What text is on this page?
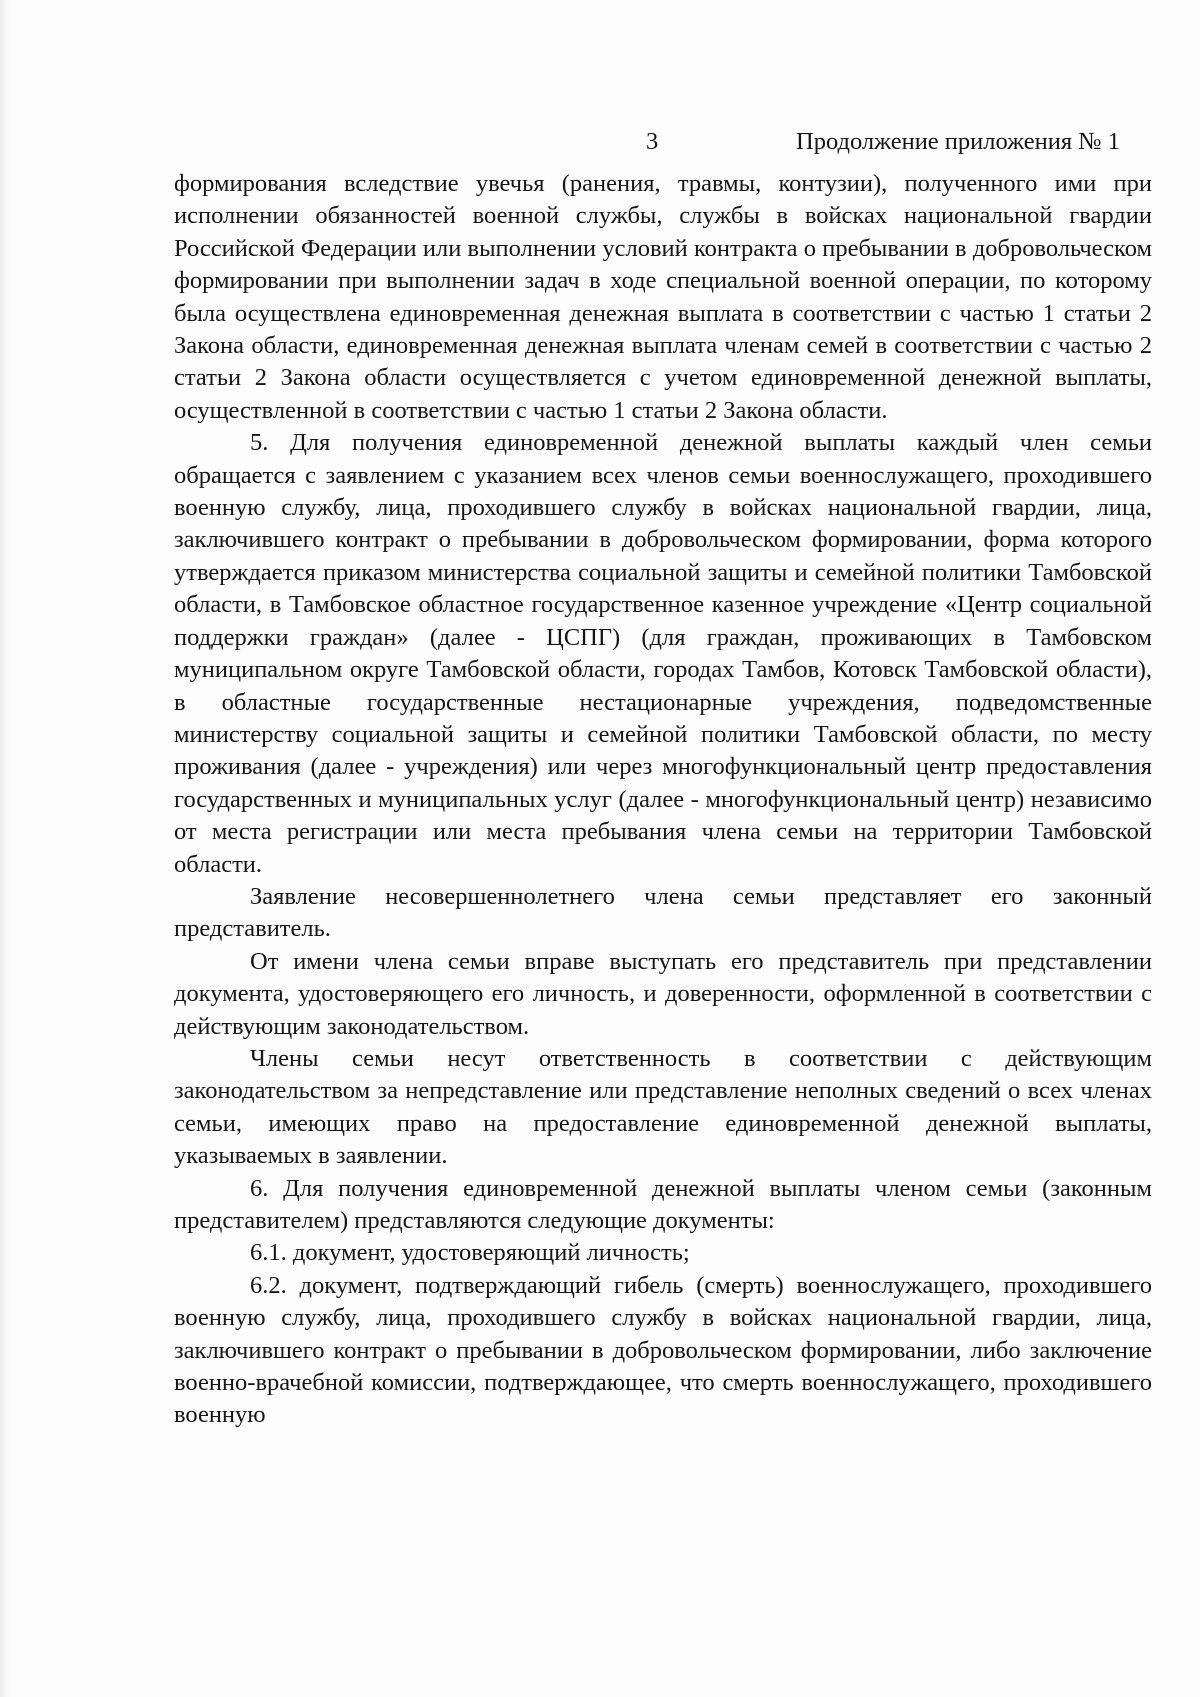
3	Продолжение приложения № 1

формирования вследствие увечья (ранения, травмы, контузии), полученного ими при исполнении обязанностей военной службы, службы в войсках национальной гвардии Российской Федерации или выполнении условий контракта о пребывании в добровольческом формировании при выполнении задач в ходе специальной военной операции, по которому была осуществлена единовременная денежная выплата в соответствии с частью 1 статьи 2 Закона области, единовременная денежная выплата членам семей в соответствии с частью 2 статьи 2 Закона области осуществляется с учетом единовременной денежной выплаты, осуществленной в соответствии с частью 1 статьи 2 Закона области.

5. Для получения единовременной денежной выплаты каждый член семьи обращается с заявлением с указанием всех членов семьи военнослужащего, проходившего военную службу, лица, проходившего службу в войсках национальной гвардии, лица, заключившего контракт о пребывании в добровольческом формировании, форма которого утверждается приказом министерства социальной защиты и семейной политики Тамбовской области, в Тамбовское областное государственное казенное учреждение «Центр социальной поддержки граждан» (далее - ЦСПГ) (для граждан, проживающих в Тамбовском муниципальном округе Тамбовской области, городах Тамбов, Котовск Тамбовской области), в областные государственные нестационарные учреждения, подведомственные министерству социальной защиты и семейной политики Тамбовской области, по месту проживания (далее - учреждения) или через многофункциональный центр предоставления государственных и муниципальных услуг (далее - многофункциональный центр) независимо от места регистрации или места пребывания члена семьи на территории Тамбовской области.

Заявление несовершеннолетнего члена семьи представляет его законный представитель.

От имени члена семьи вправе выступать его представитель при представлении документа, удостоверяющего его личность, и доверенности, оформленной в соответствии с действующим законодательством.

Члены семьи несут ответственность в соответствии с действующим законодательством за непредставление или представление неполных сведений о всех членах семьи, имеющих право на предоставление единовременной денежной выплаты, указываемых в заявлении.

6. Для получения единовременной денежной выплаты членом семьи (законным представителем) представляются следующие документы:

6.1. документ, удостоверяющий личность;

6.2. документ, подтверждающий гибель (смерть) военнослужащего, проходившего военную службу, лица, проходившего службу в войсках национальной гвардии, лица, заключившего контракт о пребывании в добровольческом формировании, либо заключение военно-врачебной комиссии, подтверждающее, что смерть военнослужащего, проходившего военную
